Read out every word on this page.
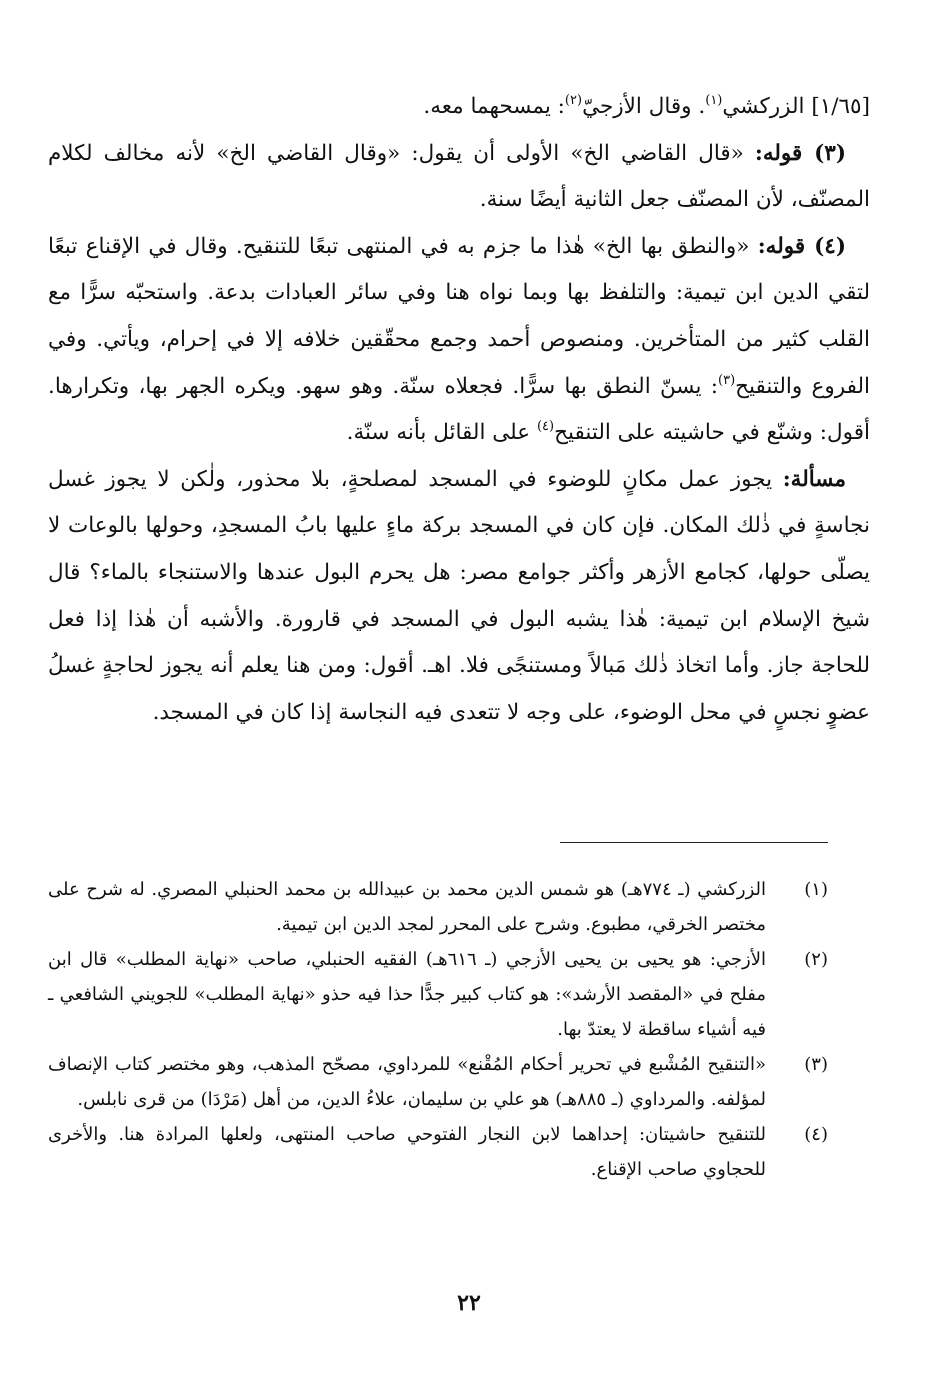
[١/٦٥] الزركشي$^{(١)}$. وقال الأزجيّ$^{(٢)}$: يمسحهما معه.

(٣) قوله: «قال القاضي الخ» الأولى أن يقول: «وقال القاضي الخ» لأنه مخالف لكلام المصنّف، لأن المصنّف جعل الثانية أيضًا سنة.

(٤) قوله: «والنطق بها الخ» هٰذا ما جزم به في المنتهى تبعًا للتنقيح. وقال في الإقناع تبعًا لتقي الدين ابن تيمية: والتلفظ بها وبما نواه هنا وفي سائر العبادات بدعة. واستحبّه سرًّا مع القلب كثير من المتأخرين. ومنصوص أحمد وجمع محقّقين خلافه إلا في إحرام، ويأتي. وفي الفروع والتنقيح$^{(٣)}$: يسنّ النطق بها سرًّا. فجعلاه سنّة. وهو سهو. ويكره الجهر بها، وتكرارها. أقول: وشنّع في حاشيته على التنقيح$^{(٤)}$ على القائل بأنه سنّة.

مسألة: يجوز عمل مكانٍ للوضوء في المسجد لمصلحةٍ، بلا محذور، ولٰكن لا يجوز غسل نجاسةٍ في ذٰلك المكان. فإن كان في المسجد بركة ماءٍ عليها بابُ المسجدِ، وحولها بالوعات لا يصلّى حولها، كجامع الأزهر وأكثر جوامع مصر: هل يحرم البول عندها والاستنجاء بالماء؟ قال شيخ الإسلام ابن تيمية: هٰذا يشبه البول في المسجد في قارورة. والأشبه أن هٰذا إذا فعل للحاجة جاز. وأما اتخاذ ذٰلك مَبالاً ومستنجًى فلا. اهـ. أقول: ومن هنا يعلم أنه يجوز لحاجةٍ غسلُ عضوٍ نجسٍ في محل الوضوء، على وجه لا تتعدى فيه النجاسة إذا كان في المسجد.

(١)
الزركشي (ـ ٧٧٤هـ) هو شمس الدين محمد بن عبيدالله بن محمد الحنبلي المصري. له شرح على مختصر الخرقي، مطبوع. وشرح على المحرر لمجد الدين ابن تيمية.

(٢)
الأزجي: هو يحيى بن يحيى الأزجي (ـ ٦١٦هـ) الفقيه الحنبلي، صاحب «نهاية المطلب» قال ابن مفلح في «المقصد الأرشد»: هو كتاب كبير جدًّا حذا فيه حذو «نهاية المطلب» للجويني الشافعي ـ فيه أشياء ساقطة لا يعتدّ بها.

(٣)
«التنقيح المُشْبع في تحرير أحكام المُقْنع» للمرداوي، مصحّح المذهب، وهو مختصر كتاب الإنصاف لمؤلفه. والمرداوي (ـ ٨٨٥هـ) هو علي بن سليمان، علاءُ الدين، من أهل (مَرْدَا) من قرى نابلس.

(٤)
للتنقيح حاشيتان: إحداهما لابن النجار الفتوحي صاحب المنتهى، ولعلها المرادة هنا. والأخرى للحجاوي صاحب الإقناع.

٢٢
